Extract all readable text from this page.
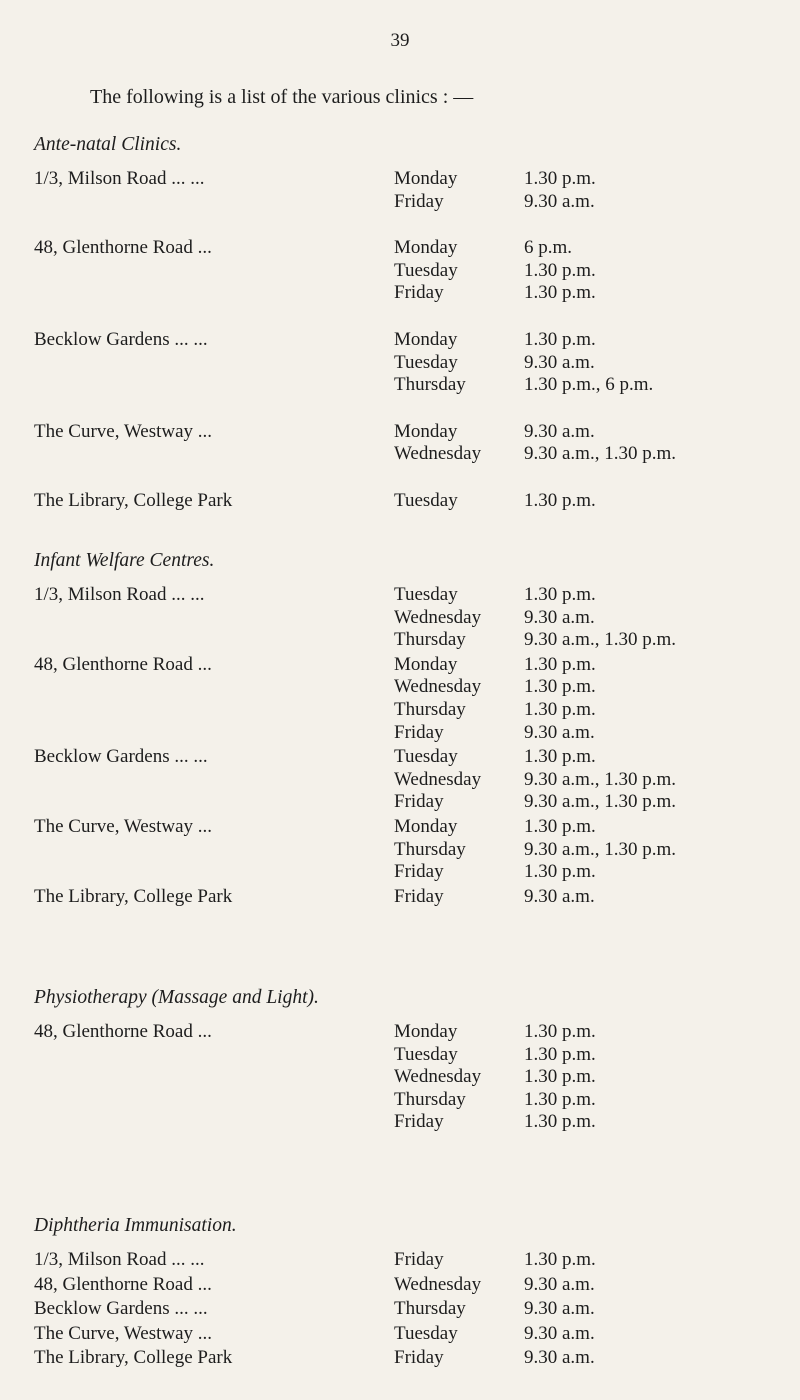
39
The following is a list of the various clinics : —
Ante-natal Clinics.
1/3, Milson Road ... ...	Monday	1.30 p.m.
Friday	9.30 a.m.
48, Glenthorne Road ...	Monday	6 p.m.
Tuesday	1.30 p.m.
Friday	1.30 p.m.
Becklow Gardens ... ...	Monday	1.30 p.m.
Tuesday	9.30 a.m.
Thursday	1.30 p.m., 6 p.m.
The Curve, Westway ...	Monday	9.30 a.m.
Wednesday	9.30 a.m., 1.30 p.m.
The Library, College Park	Tuesday	1.30 p.m.
Infant Welfare Centres.
1/3, Milson Road ... ...	Tuesday	1.30 p.m.
Wednesday	9.30 a.m.
Thursday	9.30 a.m., 1.30 p.m.
48, Glenthorne Road ...	Monday	1.30 p.m.
Wednesday	1.30 p.m.
Thursday	1.30 p.m.
Friday	9.30 a.m.
Becklow Gardens ... ...	Tuesday	1.30 p.m.
Wednesday	9.30 a.m., 1.30 p.m.
Friday	9.30 a.m., 1.30 p.m.
The Curve, Westway ...	Monday	1.30 p.m.
Thursday	9.30 a.m., 1.30 p.m.
Friday	1.30 p.m.
The Library, College Park	Friday	9.30 a.m.
Physiotherapy (Massage and Light).
48, Glenthorne Road ...	Monday	1.30 p.m.
Tuesday	1.30 p.m.
Wednesday	1.30 p.m.
Thursday	1.30 p.m.
Friday	1.30 p.m.
Diphtheria Immunisation.
1/3, Milson Road ... ...	Friday	1.30 p.m.
48, Glenthorne Road ...	Wednesday	9.30 a.m.
Becklow Gardens ... ...	Thursday	9.30 a.m.
The Curve, Westway ...	Tuesday	9.30 a.m.
The Library, College Park	Friday	9.30 a.m.
